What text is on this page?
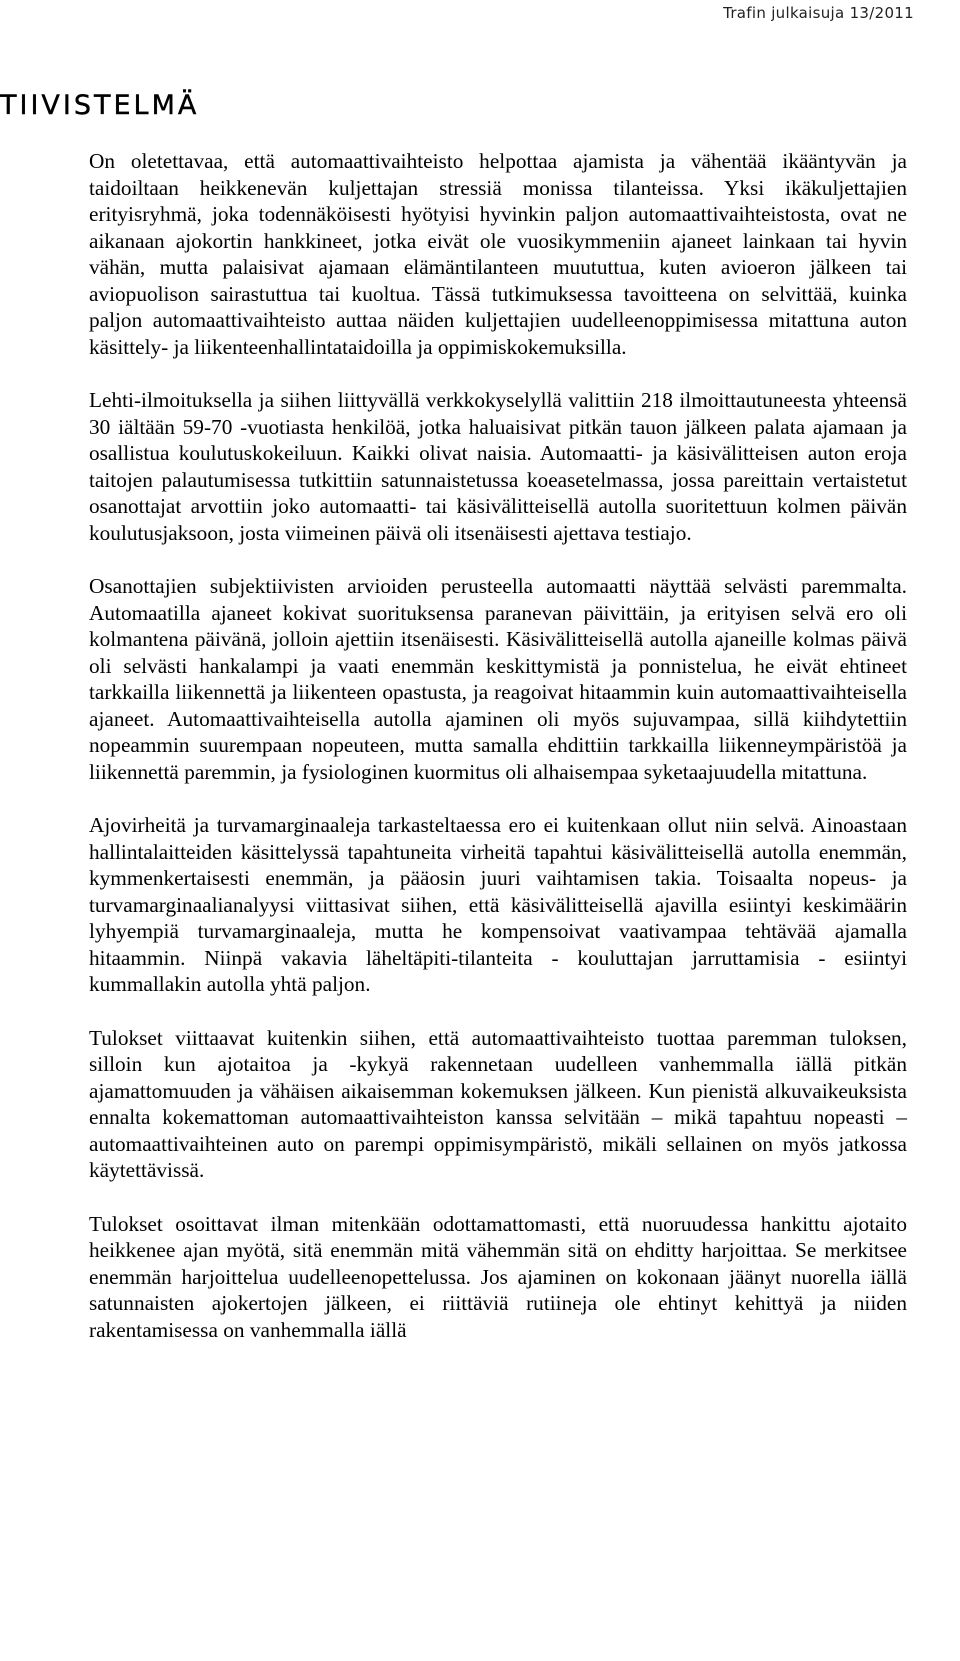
Trafin julkaisuja 13/2011
TIIVISTELMÄ

On oletettavaa, että automaattivaihteisto helpottaa ajamista ja vähentää ikääntyvän ja taidoiltaan heikkenevän kuljettajan stressiä monissa tilanteissa. Yksi ikäkuljettajien erityisryhmä, joka todennäköisesti hyötyisi hyvinkin paljon automaattivaihteistosta, ovat ne aikanaan ajokortin hankkineet, jotka eivät ole vuosikymmeniin ajaneet lainkaan tai hyvin vähän, mutta palaisivat ajamaan elämäntilanteen muututtua, kuten avioeron jälkeen tai aviopuolison sairastuttua tai kuoltua. Tässä tutkimuksessa tavoitteena on selvittää, kuinka paljon automaattivaihteisto auttaa näiden kuljettajien uudelleenoppimisessa mitattuna auton käsittely- ja liikenteenhallintataidoilla ja oppimiskokemuksilla.

Lehti-ilmoituksella ja siihen liittyvällä verkkokyselyllä valittiin 218 ilmoittautuneesta yhteensä 30 iältään 59-70 -vuotiasta henkilöä, jotka haluaisivat pitkän tauon jälkeen palata ajamaan ja osallistua koulutuskokeiluun. Kaikki olivat naisia. Automaatti- ja käsivälitteisen auton eroja taitojen palautumisessa tutkittiin satunnaistetussa koeasetelmassa, jossa pareittain vertaistetut osanottajat arvottiin joko automaatti- tai käsivälitteisellä autolla suoritettuun kolmen päivän koulutusjaksoon, josta viimeinen päivä oli itsenäisesti ajettava testiajo.

Osanottajien subjektiivisten arvioiden perusteella automaatti näyttää selvästi paremmalta. Automaatilla ajaneet kokivat suorituksensa paranevan päivittäin, ja erityisen selvä ero oli kolmantena päivänä, jolloin ajettiin itsenäisesti. Käsivälitteisellä autolla ajaneille kolmas päivä oli selvästi hankalampi ja vaati enemmän keskittymistä ja ponnistelua, he eivät ehtineet tarkkailla liikennettä ja liikenteen opastusta, ja reagoivat hitaammin kuin automaattivaihteisella ajaneet. Automaattivaihteisella autolla ajaminen oli myös sujuvampaa, sillä kiihdytettiin nopeammin suurempaan nopeuteen, mutta samalla ehdittiin tarkkailla liikenneympäristöä ja liikennettä paremmin, ja fysiologinen kuormitus oli alhaisempaa syketaajuudella mitattuna.

Ajovirheitä ja turvamarginaaleja tarkasteltaessa ero ei kuitenkaan ollut niin selvä. Ainoastaan hallintalaitteiden käsittelyssä tapahtuneita virheitä tapahtui käsivälitteisellä autolla enemmän, kymmenkertaisesti enemmän, ja pääosin juuri vaihtamisen takia. Toisaalta nopeus- ja turvamarginaalianalyysi viittasivat siihen, että käsivälitteisellä ajavilla esiintyi keskimäärin lyhyempiä turvamarginaaleja, mutta he kompensoivat vaativampaa tehtävää ajamalla hitaammin. Niinpä vakavia läheltäpiti-tilanteita - kouluttajan jarruttamisia - esiintyi kummallakin autolla yhtä paljon.

Tulokset viittaavat kuitenkin siihen, että automaattivaihteisto tuottaa paremman tuloksen, silloin kun ajotaitoa ja -kykyä rakennetaan uudelleen vanhemmalla iällä pitkän ajamattomuuden ja vähäisen aikaisemman kokemuksen jälkeen. Kun pienistä alkuvaikeuksista ennalta kokemattoman automaattivaihteiston kanssa selvitään – mikä tapahtuu nopeasti – automaattivaihteinen auto on parempi oppimisympäristö, mikäli sellainen on myös jatkossa käytettävissä.

Tulokset osoittavat ilman mitenkään odottamattomasti, että nuoruudessa hankittu ajotaito heikkenee ajan myötä, sitä enemmän mitä vähemmän sitä on ehditty harjoittaa. Se merkitsee enemmän harjoittelua uudelleenopettelussa. Jos ajaminen on kokonaan jäänyt nuorella iällä satunnaisten ajokertojen jälkeen, ei riittäviä rutiineja ole ehtinyt kehittyä ja niiden rakentamisessa on vanhemmalla iällä
